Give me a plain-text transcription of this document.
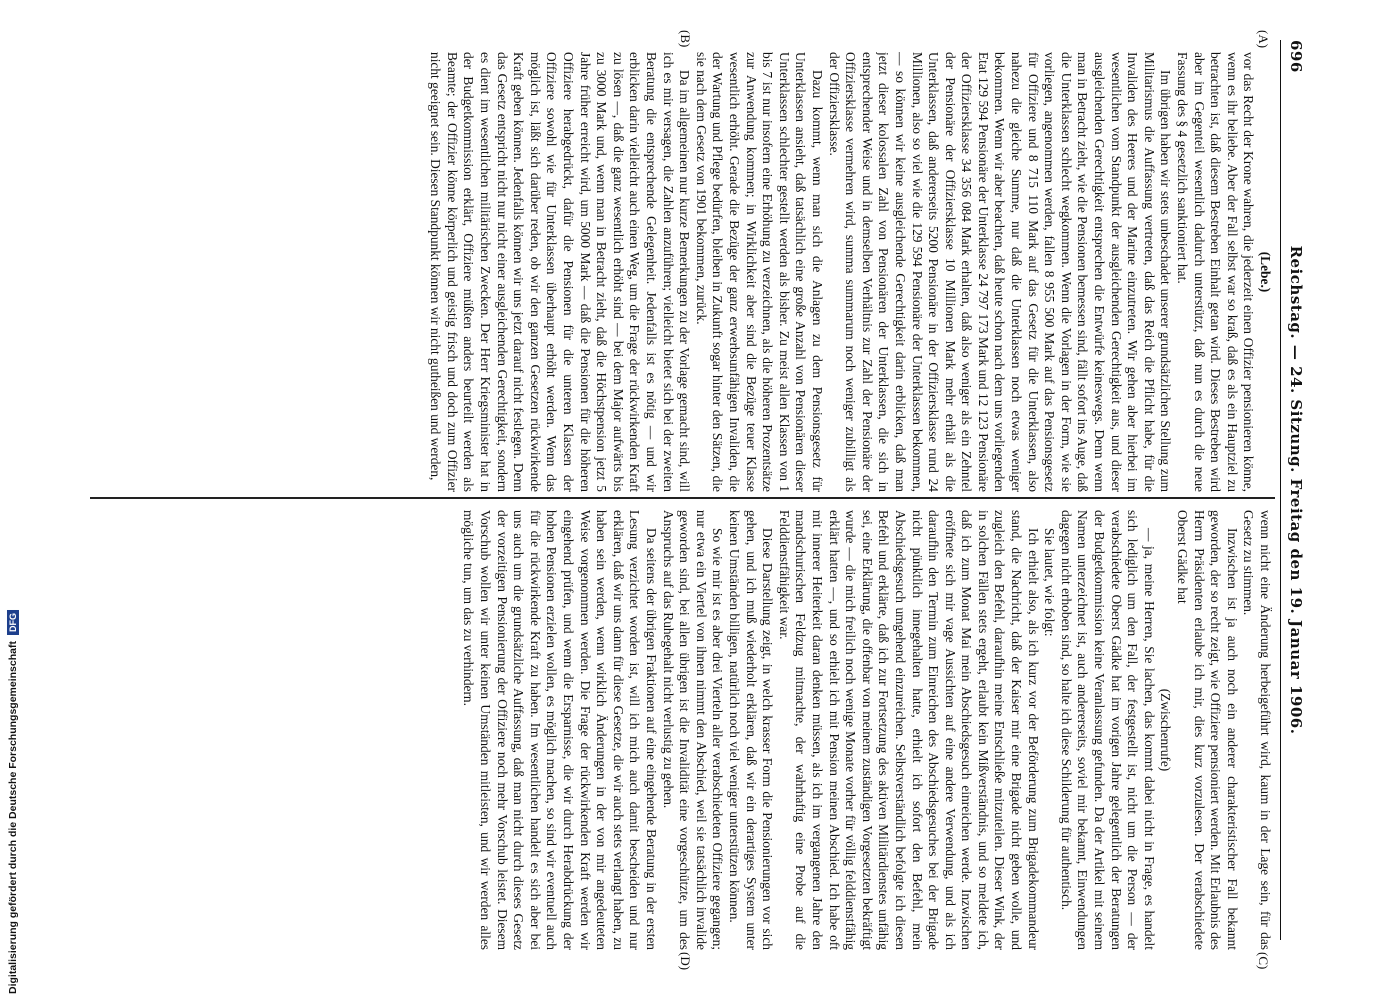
696
Reichstag. — 24. Sitzung. Freitag den 19. Januar 1906.
(A)
(B)
(C)
(D)

(Lebe.)

vor das Recht der Krone wahren, die jederzeit einen Offizier pensionieren könne, wenn es ihr beliebe. Aber der Fall selbst war so kraß, daß es als ein Hauptziel zu betrachten ist, daß diesem Bestreben Einhalt getan wird. Dieses Bestreben wird aber im Gegenteil wesentlich dadurch unterstützt, daß nun es durch die neue Fassung des § 4 gesetzlich sanktioniert hat.

Im übrigen haben wir stets unbeschadet unserer grundsätzlichen Stellung zum Militarismus die Auffassung vertreten, daß das Reich die Pflicht habe, für die Invaliden des Heeres und der Marine einzutreten. Wir gehen aber hierbei im wesentlichen vom Standpunkt der ausgleichenden Gerechtigkeit aus, und dieser ausgleichenden Gerechtigkeit entsprechen die Entwürfe keineswegs. Denn wenn man in Betracht zieht, wie die Pensionen bemessen sind, fällt sofort ins Auge, daß die Unterklassen schlecht wegkommen. Wenn die Vorlagen in der Form, wie sie vorliegen, angenommen werden, fallen 8 955 500 Mark auf das Pensionsgesetz für Offiziere und 8 715 110 Mark auf das Gesetz für die Unterklassen, also nahezu die gleiche Summe, nur daß die Unterklassen noch etwas weniger bekommen. Wenn wir aber beachten, daß heute schon nach dem uns vorliegenden Etat 129 594 Pensionäre der Unterklasse 24 797 173 Mark und 12 123 Pensionäre der Offiziersklasse 34 356 084 Mark erhalten, daß also weniger als ein Zehntel der Pensionäre der Offiziersklasse 10 Millionen Mark mehr erhält als die Unterklassen, daß andererseits 5200 Pensionäre in der Offiziersklasse rund 24 Millionen, also so viel wie die 129 594 Pensionäre der Unterklassen bekommen, — so können wir keine ausgleichende Gerechtigkeit darin erblicken, daß man jetzt dieser kolossalen Zahl von Pensionären der Unterklassen, die sich in entsprechender Weise und in demselben Verhältnis zur Zahl der Pensionäre der Offiziersklasse vermehren wird, summa summarum noch weniger zubilligt als der Offiziersklasse.

Dazu kommt, wenn man sich die Anlagen zu dem Pensionsgesetz für Unterklassen ansieht, daß tatsächlich eine große Anzahl von Pensionären dieser Unterklassen schlechter gestellt werden als bisher. Zu meist allen Klassen von 1 bis 7 ist nur insofern eine Erhöhung zu verzeichnen, als die höheren Prozentsätze zur Anwendung kommen; in Wirklichkeit aber sind die Bezüge teuer Klasse wesentlich erhöht. Gerade die Bezüge der ganz erwerbsunfähigen Invaliden, die der Wartung und Pflege bedürfen, bleiben in Zukunft sogar hinter den Sätzen, die sie nach dem Gesetz von 1901 bekommen, zurück.

Da im allgemeinen nur kurze Bemerkungen zu der Vorlage gemacht sind, will ich es mir versagen, die Zahlen anzuführen; vielleicht bietet sich bei der zweiten Beratung die entsprechende Gelegenheit. Jedenfalls ist es nötig — und wir erblicken darin vielleicht auch einen Weg, um die Frage der rückwirkenden Kraft zu lösen —, daß die ganz wesentlich erhöht sind — bei dem Major aufwärts bis zu 3000 Mark und, wenn man in Betracht zieht, daß die Höchstpension jetzt 5 Jahre früher erreicht wird, um 5000 Mark — daß die Pensionen für die höheren Offiziere herabgedrückt, dafür die Pensionen für die unteren Klassen der Offiziere sowohl wie für Unterklassen überhaupt erhöht werden. Wenn das möglich ist, läßt sich darüber reden, ob wir den ganzen Gesetzen rückwirkende Kraft geben können. Jedenfalls können wir uns jetzt darauf nicht festlegen. Denn das Gesetz entspricht nicht nur nicht einer ausgleichenden Gerechtigkeit, sondern es dient im wesentlichen militärischen Zwecken. Der Herr Kriegsminister hat in der Budgetkommission erklärt, Offiziere müßten anders beurteilt werden als Beamte; der Offizier könne körperlich und geistig frisch und doch zum Offizier nicht geeignet sein. Diesen Standpunkt können wir nicht gutheißen und werden,

wenn nicht eine Änderung herbeigeführt wird, kaum in der Lage sein, für das Gesetz zu stimmen.

Inzwischen ist ja auch noch ein anderer charakteristischer Fall bekannt geworden, der so recht zeigt, wie Offiziere pensioniert werden. Mit Erlaubnis des Herrn Präsidenten erlaube ich mir, dies kurz vorzulesen. Der verabschiedete Oberst Gädke hat

(Zwischenrufe)

— ja, meine Herren, Sie lachen, das kommt dabei nicht in Frage, es handelt sich lediglich um den Fall, der festgestellt ist, nicht um die Person — der verabschiedete Oberst Gädke hat im vorigen Jahre gelegentlich der Beratungen der Budgetkommission keine Veranlassung gefunden. Da der Artikel mit seinem Namen unterzeichnet ist, auch andererseits, soviel mir bekannt, Einwendungen dagegen nicht erhoben sind, so halte ich diese Schilderung für authentisch.

Sie lautet, wie folgt:

Ich erhielt also, als ich kurz vor der Beförderung zum Brigadekommandeur stand, die Nachricht, daß der Kaiser mir eine Brigade nicht geben wolle, und zugleich den Befehl, daraufhin meine Entschließe mitzuteilen. Dieser Wink, der in solchen Fällen stets ergeht, erlaubt kein Mißverständnis, und so meldete ich, daß ich zum Monat Mai mein Abschiedsgesuch einreichen werde. Inzwischen eröffnete sich mir vage Aussichten auf eine andere Verwendung, und als ich daraufhin den Termin zum Einreichen des Abschiedsgesuches bei der Brigade nicht pünktlich innegehalten hatte, erhielt ich sofort den Befehl, mein Abschiedsgesuch umgehend einzureichen. Selbstverständlich befolgte ich diesen Befehl und erklärte, daß ich zur Fortsetzung des aktiven Militärdienstes unfähig sei, eine Erklärung, die offenbar von meinem zuständigen Vorgesetzten bekräftigt wurde — die mich freilich noch wenige Monate vorher für völlig felddienstfähig erklärt hatten —, und so erhielt ich mit Pension meinen Abschied. Ich habe oft mit innerer Heiterkeit daran denken müssen, als ich im vergangenen Jahre den mandschurischen Feldzug mitmachte, der wahrhaftig eine Probe auf die Felddienstfähigkeit war.

Diese Darstellung zeigt, in welch krasser Form die Pensionierungen vor sich gehen, und ich muß wiederholt erklären, daß wir ein derartiges System unter keinen Umständen billigen, natürlich noch viel weniger unterstützen können.

So wie mir ist es aber drei Vierteln aller verabschiedeten Offiziere gegangen; nur etwa ein Viertel von ihnen nimmt den Abschied, weil sie tatsächlich invalide geworden sind, bei allen übrigen ist die Invalidität eine vorgeschützte, um des Anspruchs auf das Ruhegehalt nicht verlustig zu gehen.

Da seitens der übrigen Fraktionen auf eine eingehende Beratung in der ersten Lesung verzichtet worden ist, will ich mich auch damit bescheiden und nur erklären, daß wir uns dann für diese Gesetze, die wir auch stets verlangt haben, zu haben sein werden, wenn wirklich Änderungen in der von mir angedeuteten Weise vorgenommen werden. Die Frage der rückwirkenden Kraft werden wir eingehend prüfen, und wenn die Ersparnisse, die wir durch Herabdrückung der hohen Pensionen erzielen wollen, es möglich machen, so sind wir eventuell auch für die rückwirkende Kraft zu haben. Im wesentlichen handelt es sich aber bei uns auch um die grundsätzliche Auffassung, daß man nicht durch dieses Gesetz der vorzeitigen Pensionierung der Offiziere noch mehr Vorschub leistet. Diesem Vorschub wollen wir unter keinen Umständen mitleisten, und wir werden alles mögliche tun, um das zu verhindern.

Digitalisierung gefördert durch die Deutsche Forschungsgemeinschaft
DFG
